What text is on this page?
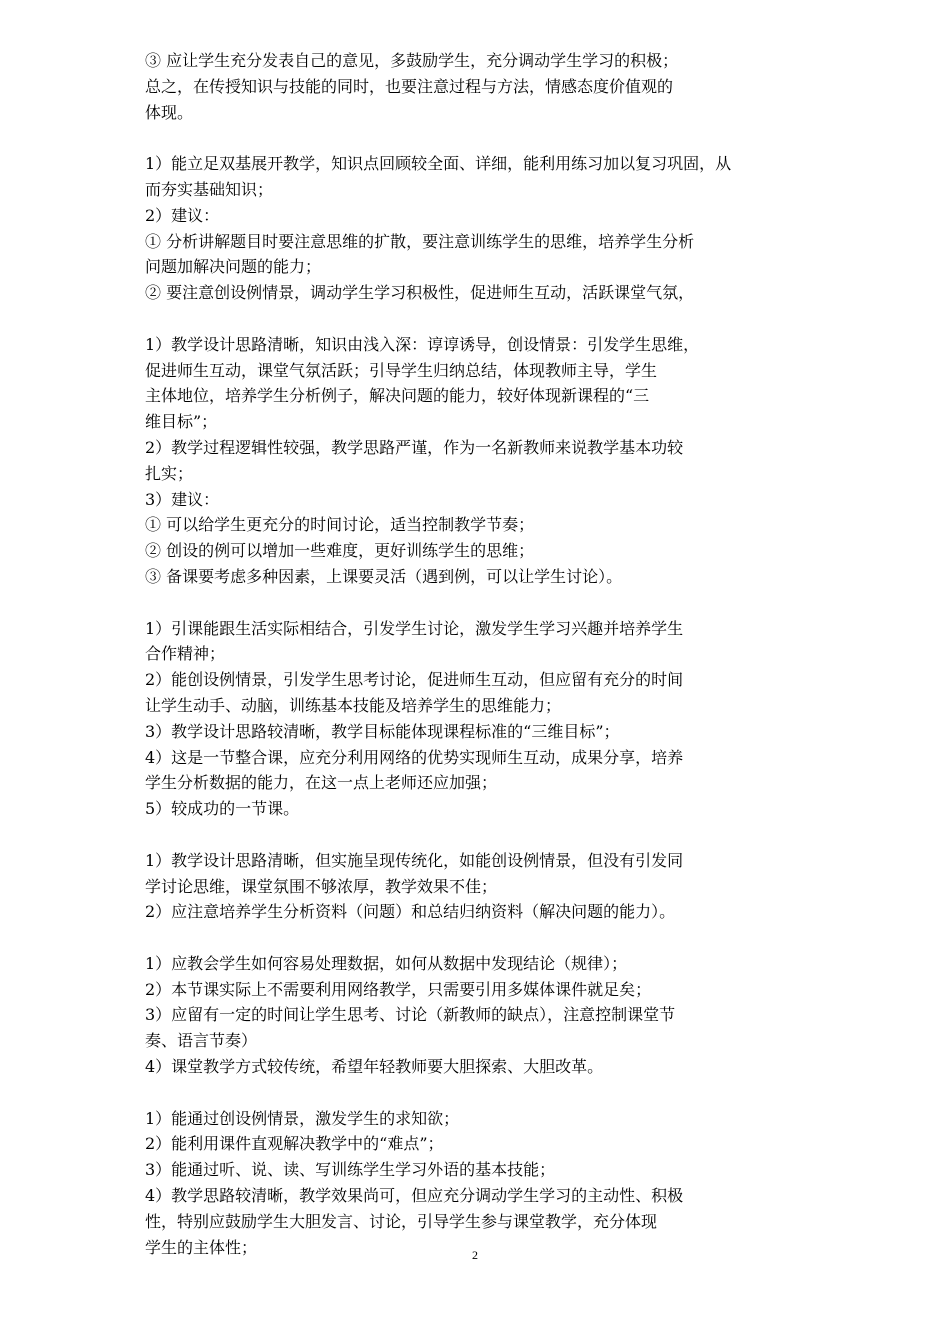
③ 应让学生充分发表自己的意见，多鼓励学生，充分调动学生学习的积极；
总之，在传授知识与技能的同时，也要注意过程与方法，情感态度价值观的
体现。
1）能立足双基展开教学，知识点回顾较全面、详细，能利用练习加以复习巩固，从
而夯实基础知识；
2）建议：
① 分析讲解题目时要注意思维的扩散，要注意训练学生的思维，培养学生分析
问题加解决问题的能力；
② 要注意创设例情景，调动学生学习积极性，促进师生互动，活跃课堂气氛，
1）教学设计思路清晰，知识由浅入深：谆谆诱导，创设情景：引发学生思维，
促进师生互动，课堂气氛活跃；引导学生归纳总结，体现教师主导，学生
主体地位，培养学生分析例子，解决问题的能力，较好体现新课程的“三
维目标”；
2）教学过程逻辑性较强，教学思路严谨，作为一名新教师来说教学基本功较
扎实；
3）建议：
① 可以给学生更充分的时间讨论，适当控制教学节奏；
② 创设的例可以增加一些难度，更好训练学生的思维；
③ 备课要考虑多种因素，上课要灵活（遇到例，可以让学生讨论）。
1）引课能跟生活实际相结合，引发学生讨论，激发学生学习兴趣并培养学生
合作精神；
2）能创设例情景，引发学生思考讨论，促进师生互动，但应留有充分的时间
让学生动手、动脑，训练基本技能及培养学生的思维能力；
3）教学设计思路较清晰，教学目标能体现课程标准的“三维目标”；
4）这是一节整合课，应充分利用网络的优势实现师生互动，成果分享，培养
学生分析数据的能力，在这一点上老师还应加强；
5）较成功的一节课。
1）教学设计思路清晰，但实施呈现传统化，如能创设例情景，但没有引发同
学讨论思维，课堂氛围不够浓厚，教学效果不佳；
2）应注意培养学生分析资料（问题）和总结归纳资料（解决问题的能力）。
1）应教会学生如何容易处理数据，如何从数据中发现结论（规律）；
2）本节课实际上不需要利用网络教学，只需要引用多媒体课件就足矣；
3）应留有一定的时间让学生思考、讨论（新教师的缺点），注意控制课堂节
奏、语言节奏）
4）课堂教学方式较传统，希望年轻教师要大胆探索、大胆改革。
1）能通过创设例情景，激发学生的求知欲；
2）能利用课件直观解决教学中的“难点”；
3）能通过听、说、读、写训练学生学习外语的基本技能；
4）教学思路较清晰，教学效果尚可，但应充分调动学生学习的主动性、积极
性，特别应鼓励学生大胆发言、讨论，引导学生参与课堂教学，充分体现
学生的主体性；	2
